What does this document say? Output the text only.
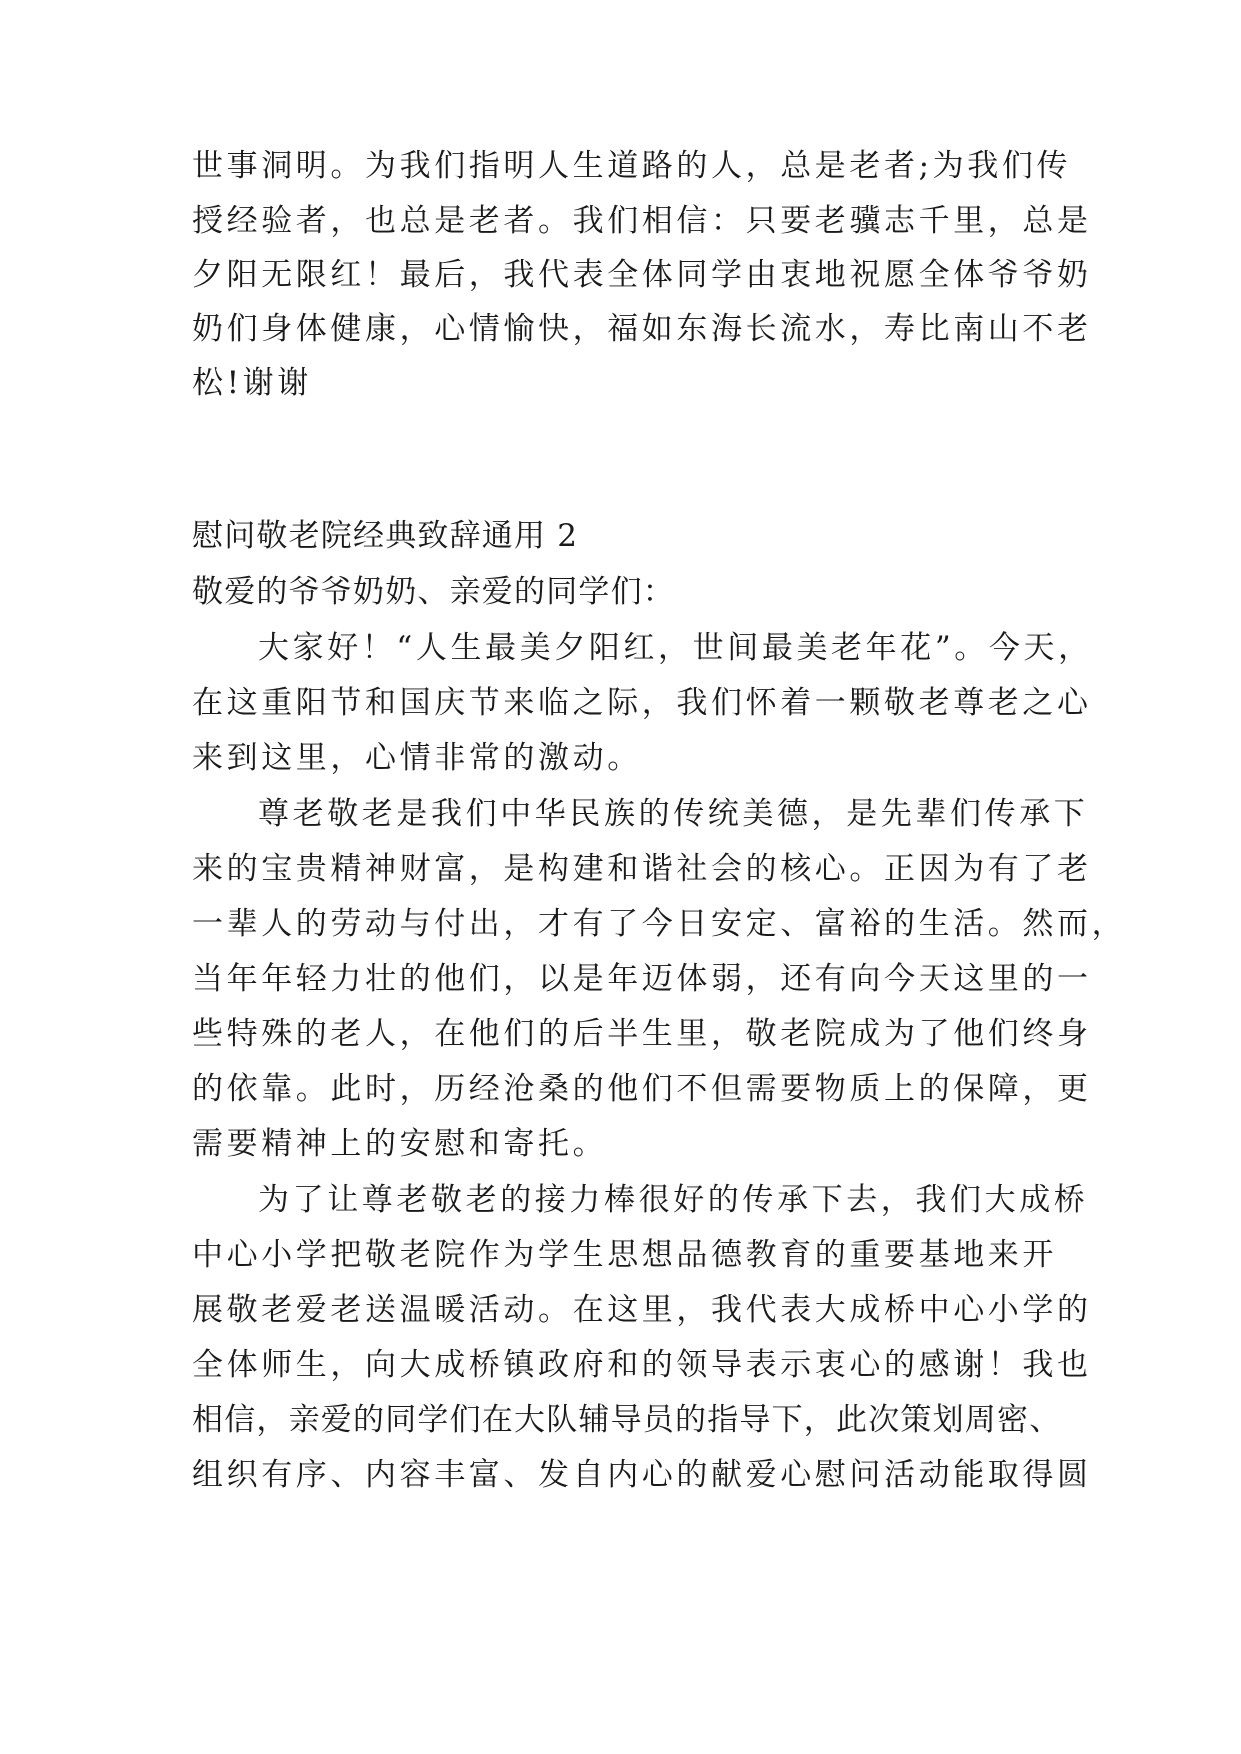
世事洞明。为我们指明人生道路的人，总是老者;为我们传
授经验者，也总是老者。我们相信：只要老骥志千里，总是
夕阳无限红！最后，我代表全体同学由衷地祝愿全体爷爷奶
奶们身体健康，心情愉快，福如东海长流水，寿比南山不老
松!谢谢
慰问敬老院经典致辞通用 2
敬爱的爷爷奶奶、亲爱的同学们：
大家好！“人生最美夕阳红，世间最美老年花”。今天，
在这重阳节和国庆节来临之际，我们怀着一颗敬老尊老之心
来到这里，心情非常的激动。
尊老敬老是我们中华民族的传统美德，是先辈们传承下
来的宝贵精神财富，是构建和谐社会的核心。正因为有了老
一辈人的劳动与付出，才有了今日安定、富裕的生活。然而，
当年年轻力壮的他们，以是年迈体弱，还有向今天这里的一
些特殊的老人，在他们的后半生里，敬老院成为了他们终身
的依靠。此时，历经沧桑的他们不但需要物质上的保障，更
需要精神上的安慰和寄托。
为了让尊老敬老的接力棒很好的传承下去，我们大成桥
中心小学把敬老院作为学生思想品德教育的重要基地来开
展敬老爱老送温暖活动。在这里，我代表大成桥中心小学的
全体师生，向大成桥镇政府和的领导表示衷心的感谢！我也
相信，亲爱的同学们在大队辅导员的指导下，此次策划周密、
组织有序、内容丰富、发自内心的献爱心慰问活动能取得圆
